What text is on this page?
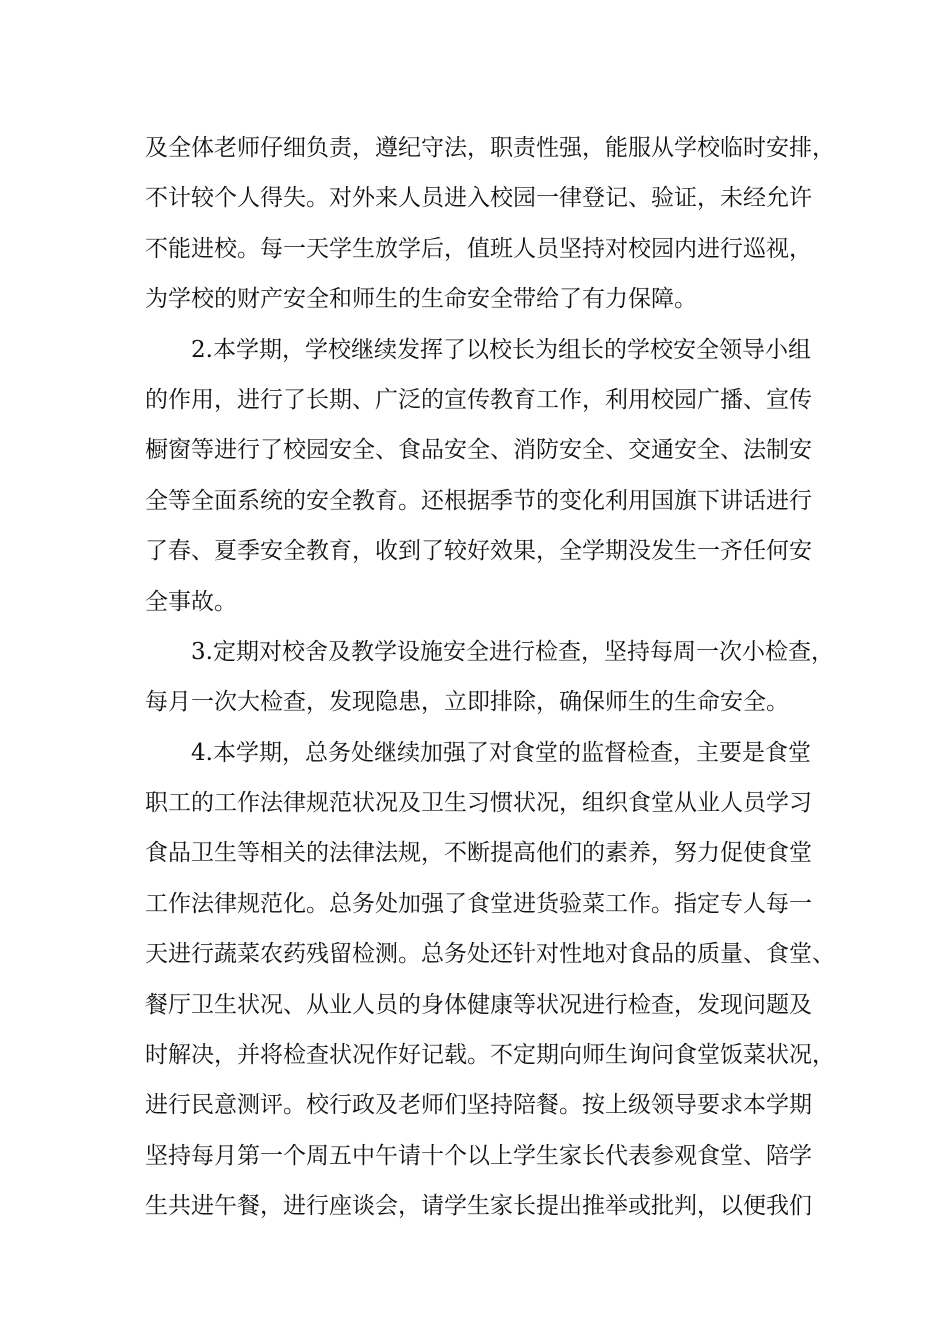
及全体老师仔细负责，遵纪守法，职责性强，能服从学校临时安排，
不计较个人得失。对外来人员进入校园一律登记、验证，未经允许
不能进校。每一天学生放学后，值班人员坚持对校园内进行巡视，
为学校的财产安全和师生的生命安全带给了有力保障。
2.本学期，学校继续发挥了以校长为组长的学校安全领导小组
的作用，进行了长期、广泛的宣传教育工作，利用校园广播、宣传
橱窗等进行了校园安全、食品安全、消防安全、交通安全、法制安
全等全面系统的安全教育。还根据季节的变化利用国旗下讲话进行
了春、夏季安全教育，收到了较好效果，全学期没发生一齐任何安
全事故。
3.定期对校舍及教学设施安全进行检查，坚持每周一次小检查，
每月一次大检查，发现隐患，立即排除，确保师生的生命安全。
4.本学期，总务处继续加强了对食堂的监督检查，主要是食堂
职工的工作法律规范状况及卫生习惯状况，组织食堂从业人员学习
食品卫生等相关的法律法规，不断提高他们的素养，努力促使食堂
工作法律规范化。总务处加强了食堂进货验菜工作。指定专人每一
天进行蔬菜农药残留检测。总务处还针对性地对食品的质量、食堂、
餐厅卫生状况、从业人员的身体健康等状况进行检查，发现问题及
时解决，并将检查状况作好记载。不定期向师生询问食堂饭菜状况，
进行民意测评。校行政及老师们坚持陪餐。按上级领导要求本学期
坚持每月第一个周五中午请十个以上学生家长代表参观食堂、陪学
生共进午餐，进行座谈会，请学生家长提出推举或批判，以便我们
